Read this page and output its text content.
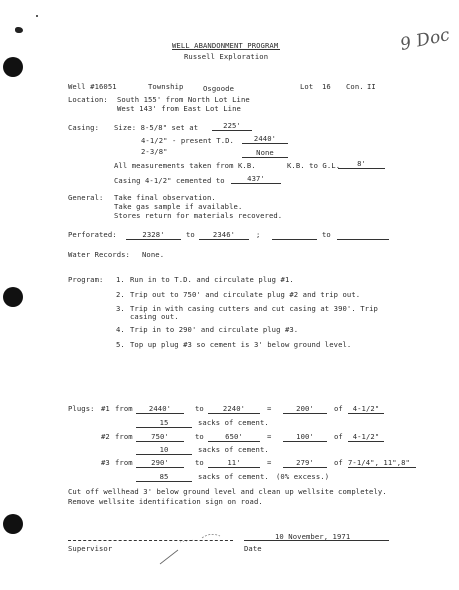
WELL ABANDONMENT PROGRAM
Russell Exploration
9 Doc
Well #16051	Township	Osgoode	Lot 16 Con. II
Location: South 155' from North Lot Line
West 143' from East Lot Line
Casing: Size: 8-5/8" set at	225'
4-1/2" - present T.D.	2440'
2-3/8"	None
All measurements taken from K.B.	K.B. to G.L.	8'
Casing 4-1/2" cemented to	437'
General: Take final observation.
Take gas sample if available.
Stores return for materials recovered.
Perforated:	2328'	to	2346'	;	to
Water Records: None.
Program: 1. Run in to T.D. and circulate plug #1.
2. Trip out to 750' and circulate plug #2 and trip out.
3. Trip in with casing cutters and cut casing at 390'. Trip
casing out.
4. Trip in to 290' and circulate plug #3.
5. Top up plug #3 so cement is 3' below ground level.
Plugs: #1 from	2440'	to	2240'	=	200'	of	4-1/2"
15	sacks of cement.
#2 from	750'	to	650'	=	100'	of	4-1/2"
10	sacks of cement.
#3 from	290'	to	11'	=	279'	of 7-1/4", 11",8"
85	sacks of cement. (0% excess.)
Cut off wellhead 3' below ground level and clean up wellsite completely.
Remove wellsite identification sign on road.
10 November, 1971
Supervisor	Date
